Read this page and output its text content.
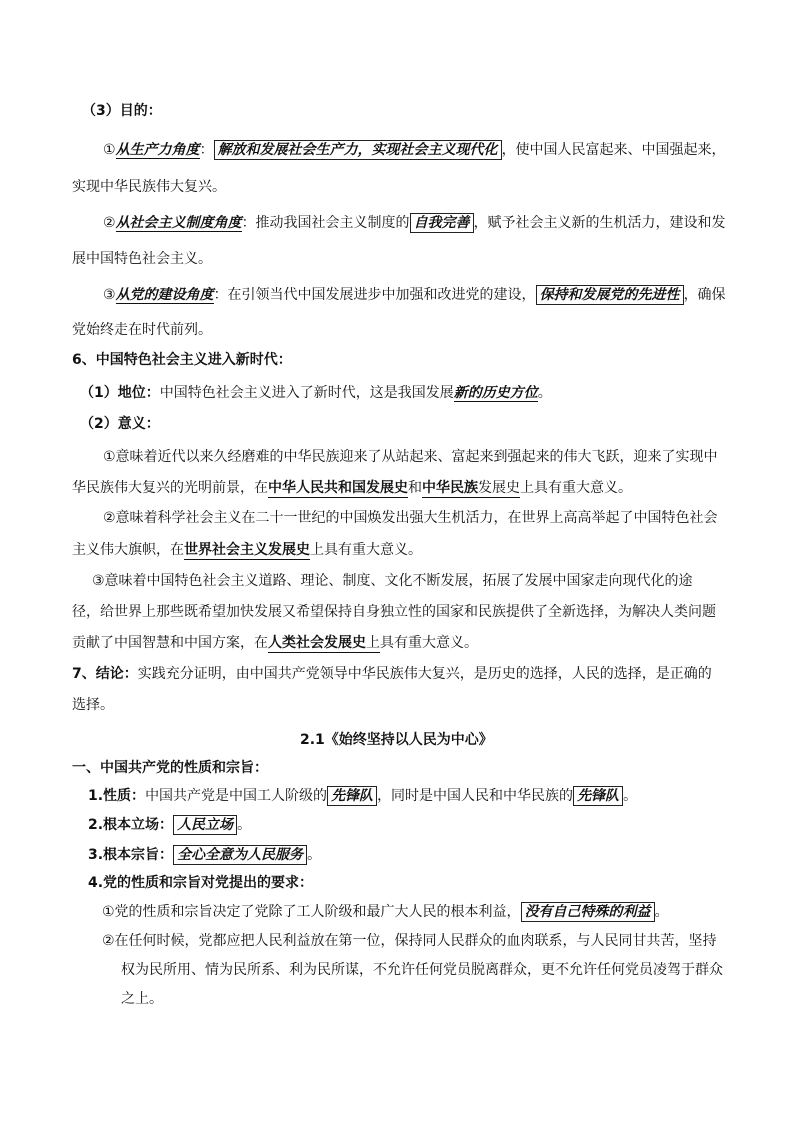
（3）目的：
①从生产力角度： 解放和发展社会生产力，实现社会主义现代化 ，使中国人民富起来、中国强起来，
实现中华民族伟大复兴。
②从社会主义制度角度：推动我国社会主义制度的 自我完善 ，赋予社会主义新的生机活力，建设和发
展中国特色社会主义。
③从党的建设角度：在引领当代中国发展进步中加强和改进党的建设， 保持和发展党的先进性 ，确保
党始终走在时代前列。
6、中国特色社会主义进入新时代：
（1）地位：中国特色社会主义进入了新时代，这是我国发展新的历史方位。
（2）意义：
①意味着近代以来久经磨难的中华民族迎来了从站起来、富起来到强起来的伟大飞跃，迎来了实现中
华民族伟大复兴的光明前景，在中华人民共和国发展史和中华民族发展史上具有重大意义。
②意味着科学社会主义在二十一世纪的中国焕发出强大生机活力，在世界上高高举起了中国特色社会
主义伟大旗帜，在世界社会主义发展史上具有重大意义。
③意味着中国特色社会主义道路、理论、制度、文化不断发展，拓展了发展中国家走向现代化的途
径，给世界上那些既希望加快发展又希望保持自身独立性的国家和民族提供了全新选择，为解决人类问题
贡献了中国智慧和中国方案，在人类社会发展史上具有重大意义。
7、结论：实践充分证明，由中国共产党领导中华民族伟大复兴，是历史的选择，人民的选择，是正确的
选择。
2.1《始终坚持以人民为中心》
一、中国共产党的性质和宗旨：
1.性质：中国共产党是中国工人阶级的 先锋队 ，同时是中国人民和中华民族的 先锋队 。
2.根本立场： 人民立场 。
3.根本宗旨： 全心全意为人民服务 。
4.党的性质和宗旨对党提出的要求：
①党的性质和宗旨决定了党除了工人阶级和最广大人民的根本利益， 没有自己特殊的利益 。
②在任何时候，党都应把人民利益放在第一位，保持同人民群众的血肉联系，与人民同甘共苦，坚持
权为民所用、情为民所系、利为民所谋，不允许任何党员脱离群众，更不允许任何党员凌驾于群众
之上。
